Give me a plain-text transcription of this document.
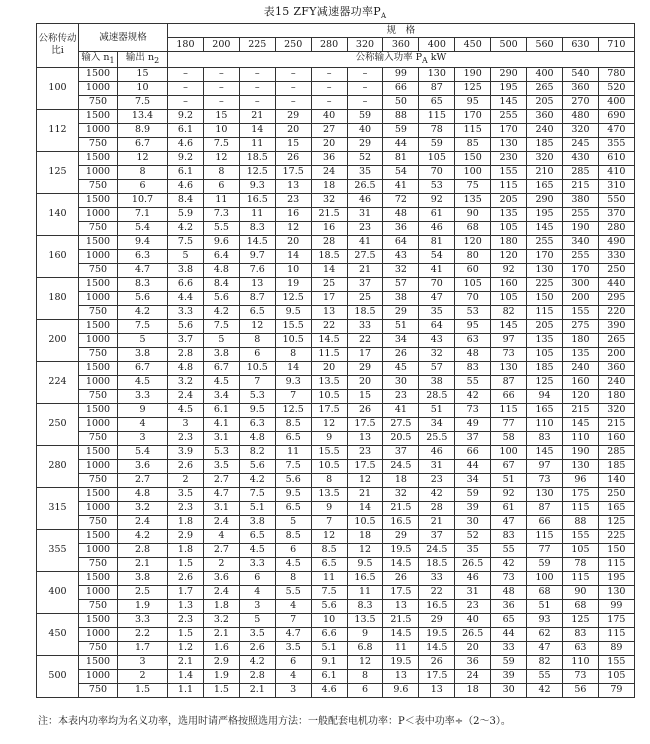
表15 ZFY减速器功率$P_A$
公称传动比i	减速器规格		规　格												
			180	200	225	250	280	320	360	400	450	500	560	630	710
	输入 $n_1$	输出 $n_2$	公称输入功率 $P_A$ kW												
100	1500	15	–	–	–	–	–	–	99	130	190	290	400	540	780
	1000	10	–	–	–	–	–	–	66	87	125	195	265	360	520
	750	7.5	–	–	–	–	–	–	50	65	95	145	205	270	400
112	1500	13.4	9.2	15	21	29	40	59	88	115	170	255	360	480	690
	1000	8.9	6.1	10	14	20	27	40	59	78	115	170	240	320	470
	750	6.7	4.6	7.5	11	15	20	29	44	59	85	130	185	245	355
125	1500	12	9.2	12	18.5	26	36	52	81	105	150	230	320	430	610
	1000	8	6.1	8	12.5	17.5	24	35	54	70	100	155	210	285	410
	750	6	4.6	6	9.3	13	18	26.5	41	53	75	115	165	215	310
140	1500	10.7	8.4	11	16.5	23	32	46	72	92	135	205	290	380	550
	1000	7.1	5.9	7.3	11	16	21.5	31	48	61	90	135	195	255	370
	750	5.4	4.2	5.5	8.3	12	16	23	36	46	68	105	145	190	280
160	1500	9.4	7.5	9.6	14.5	20	28	41	64	81	120	180	255	340	490
	1000	6.3	5	6.4	9.7	14	18.5	27.5	43	54	80	120	170	255	330
	750	4.7	3.8	4.8	7.6	10	14	21	32	41	60	92	130	170	250
180	1500	8.3	6.6	8.4	13	19	25	37	57	70	105	160	225	300	440
	1000	5.6	4.4	5.6	8.7	12.5	17	25	38	47	70	105	150	200	295
	750	4.2	3.3	4.2	6.5	9.5	13	18.5	29	35	53	82	115	155	220
200	1500	7.5	5.6	7.5	12	15.5	22	33	51	64	95	145	205	275	390
	1000	5	3.7	5	8	10.5	14.5	22	34	43	63	97	135	180	265
	750	3.8	2.8	3.8	6	8	11.5	17	26	32	48	73	105	135	200
224	1500	6.7	4.8	6.7	10.5	14	20	29	45	57	83	130	185	240	360
	1000	4.5	3.2	4.5	7	9.3	13.5	20	30	38	55	87	125	160	240
	750	3.3	2.4	3.4	5.3	7	10.5	15	23	28.5	42	66	94	120	180
250	1500	9	4.5	6.1	9.5	12.5	17.5	26	41	51	73	115	165	215	320
	1000	4	3	4.1	6.3	8.5	12	17.5	27.5	34	49	77	110	145	215
	750	3	2.3	3.1	4.8	6.5	9	13	20.5	25.5	37	58	83	110	160
280	1500	5.4	3.9	5.3	8.2	11	15.5	23	37	46	66	100	145	190	285
	1000	3.6	2.6	3.5	5.6	7.5	10.5	17.5	24.5	31	44	67	97	130	185
	750	2.7	2	2.7	4.2	5.6	8	12	18	23	34	51	73	96	140
315	1500	4.8	3.5	4.7	7.5	9.5	13.5	21	32	42	59	92	130	175	250
	1000	3.2	2.3	3.1	5.1	6.5	9	14	21.5	28	39	61	87	115	165
	750	2.4	1.8	2.4	3.8	5	7	10.5	16.5	21	30	47	66	88	125
355	1500	4.2	2.9	4	6.5	8.5	12	18	29	37	52	83	115	155	225
	1000	2.8	1.8	2.7	4.5	6	8.5	12	19.5	24.5	35	55	77	105	150
	750	2.1	1.5	2	3.3	4.5	6.5	9.5	14.5	18.5	26.5	42	59	78	115
400	1500	3.8	2.6	3.6	6	8	11	16.5	26	33	46	73	100	115	195
	1000	2.5	1.7	2.4	4	5.5	7.5	11	17.5	22	31	48	68	90	130
	750	1.9	1.3	1.8	3	4	5.6	8.3	13	16.5	23	36	51	68	99
450	1500	3.3	2.3	3.2	5	7	10	13.5	21.5	29	40	65	93	125	175
	1000	2.2	1.5	2.1	3.5	4.7	6.6	9	14.5	19.5	26.5	44	62	83	115
	750	1.7	1.2	1.6	2.6	3.5	5.1	6.8	11	14.5	20	33	47	63	89
500	1500	3	2.1	2.9	4.2	6	9.1	12	19.5	26	36	59	82	110	155
	1000	2	1.4	1.9	2.8	4	6.1	8	13	17.5	24	39	55	73	105
	750	1.5	1.1	1.5	2.1	3	4.6	6	9.6	13	18	30	42	56	79
注：本表内功率均为名义功率，选用时请严格按照选用方法：一般配套电机功率：P＜表中功率÷（2～3）。
